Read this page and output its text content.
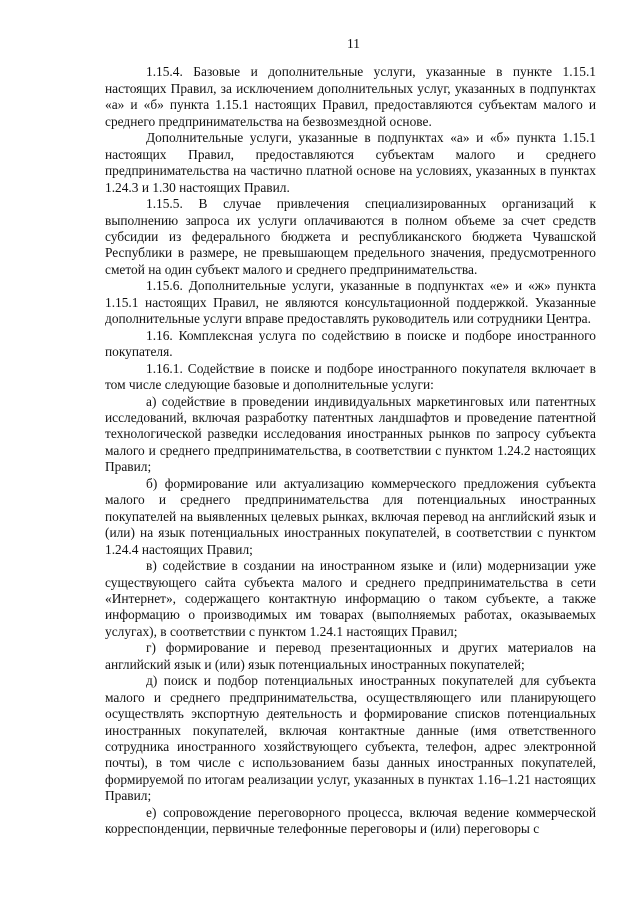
11

1.15.4. Базовые и дополнительные услуги, указанные в пункте 1.15.1 настоящих Правил, за исключением дополнительных услуг, указанных в подпунктах «а» и «б» пункта 1.15.1 настоящих Правил, предоставляются субъектам малого и среднего предпринимательства на безвозмездной основе.

Дополнительные услуги, указанные в подпунктах «а» и «б» пункта 1.15.1 настоящих Правил, предоставляются субъектам малого и среднего предпринимательства на частично платной основе на условиях, указанных в пунктах 1.24.3 и 1.30 настоящих Правил.

1.15.5. В случае привлечения специализированных организаций к выполнению запроса их услуги оплачиваются в полном объеме за счет средств субсидии из федерального бюджета и республиканского бюджета Чувашской Республики в размере, не превышающем предельного значения, предусмотренного сметой на один субъект малого и среднего предпринимательства.

1.15.6. Дополнительные услуги, указанные в подпунктах «е» и «ж» пункта 1.15.1 настоящих Правил, не являются консультационной поддержкой. Указанные дополнительные услуги вправе предоставлять руководитель или сотрудники Центра.

1.16. Комплексная услуга по содействию в поиске и подборе иностранного покупателя.

1.16.1. Содействие в поиске и подборе иностранного покупателя включает в том числе следующие базовые и дополнительные услуги:

а) содействие в проведении индивидуальных маркетинговых или патентных исследований, включая разработку патентных ландшафтов и проведение патентной технологической разведки исследования иностранных рынков по запросу субъекта малого и среднего предпринимательства, в соответствии с пунктом 1.24.2 настоящих Правил;

б) формирование или актуализацию коммерческого предложения субъекта малого и среднего предпринимательства для потенциальных иностранных покупателей на выявленных целевых рынках, включая перевод на английский язык и (или) на язык потенциальных иностранных покупателей, в соответствии с пунктом 1.24.4 настоящих Правил;

в) содействие в создании на иностранном языке и (или) модернизации уже существующего сайта субъекта малого и среднего предпринимательства в сети «Интернет», содержащего контактную информацию о таком субъекте, а также информацию о производимых им товарах (выполняемых работах, оказываемых услугах), в соответствии с пунктом 1.24.1 настоящих Правил;

г) формирование и перевод презентационных и других материалов на английский язык и (или) язык потенциальных иностранных покупателей;

д) поиск и подбор потенциальных иностранных покупателей для субъекта малого и среднего предпринимательства, осуществляющего или планирующего осуществлять экспортную деятельность и формирование списков потенциальных иностранных покупателей, включая контактные данные (имя ответственного сотрудника иностранного хозяйствующего субъекта, телефон, адрес электронной почты), в том числе с использованием базы данных иностранных покупателей, формируемой по итогам реализации услуг, указанных в пунктах 1.16–1.21 настоящих Правил;

е) сопровождение переговорного процесса, включая ведение коммерческой корреспонденции, первичные телефонные переговоры и (или) переговоры с
